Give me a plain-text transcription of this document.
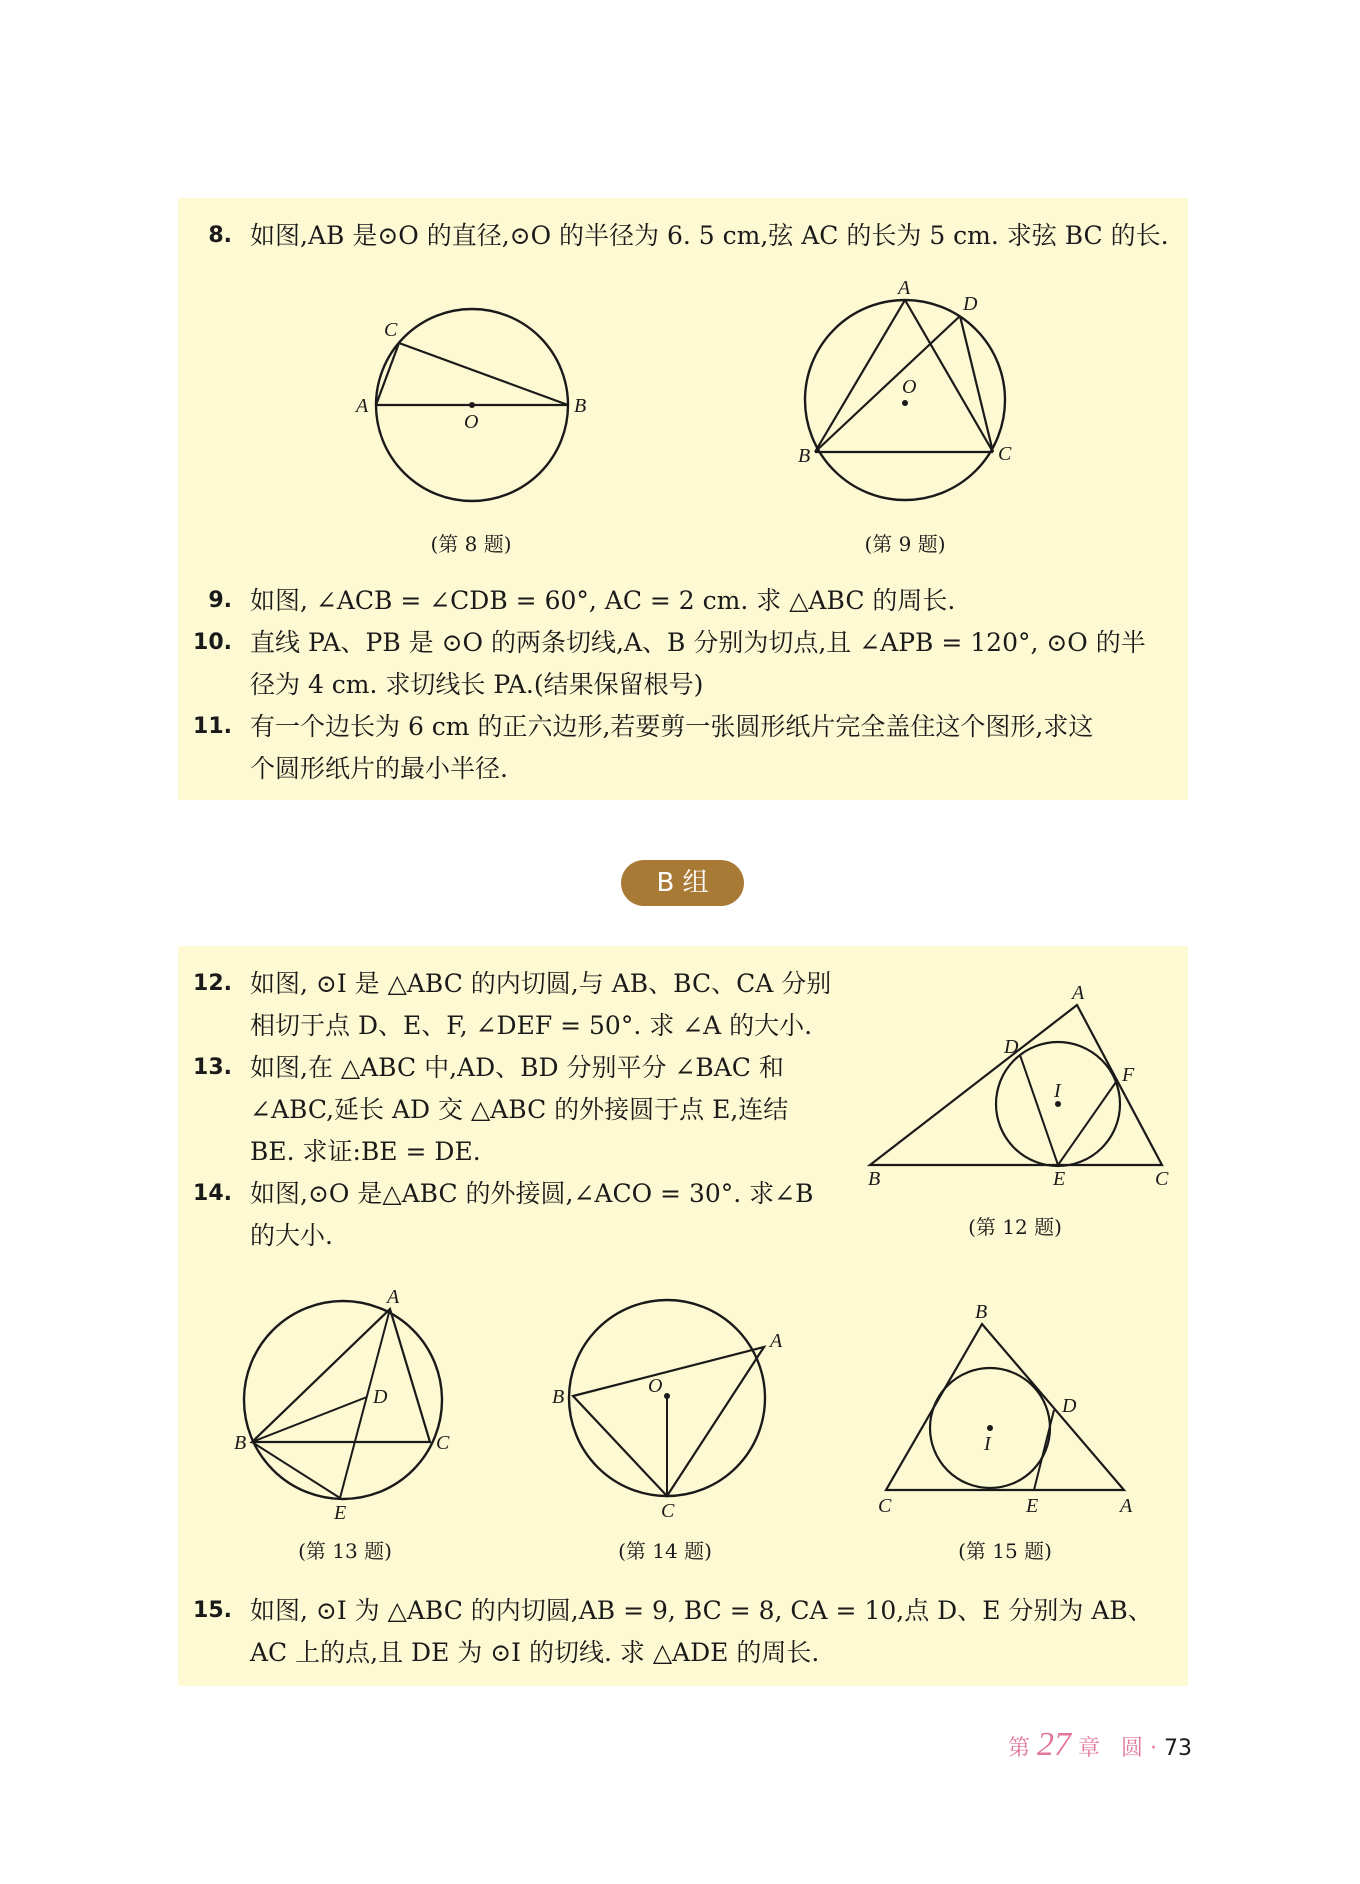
8. 如图,AB 是⊙O 的直径,⊙O 的半径为 6. 5 cm,弦 AC 的长为 5 cm. 求弦 BC 的长.
A	B
C
O
(第 8 题)
A
D
O
B	C
(第 9 题)
9. 如图, ∠ACB = ∠CDB = 60°, AC = 2 cm. 求 △ABC 的周长.
10. 直线 PA、PB 是 ⊙O 的两条切线,A、B 分别为切点,且 ∠APB = 120°, ⊙O 的半
径为 4 cm. 求切线长 PA.(结果保留根号)
11. 有一个边长为 6 cm 的正六边形,若要剪一张圆形纸片完全盖住这个图形,求这
个圆形纸片的最小半径.
B 组
12. 如图, ⊙I 是 △ABC 的内切圆,与 AB、BC、CA 分别
相切于点 D、E、F, ∠DEF = 50°. 求 ∠A 的大小.
13. 如图,在 △ABC 中,AD、BD 分别平分 ∠BAC 和
∠ABC,延长 AD 交 △ABC 的外接圆于点 E,连结
BE. 求证:BE = DE.
14. 如图,⊙O 是△ABC 的外接圆,∠ACO = 30°. 求∠B
的大小.
A
D
F
I
B	E	C
(第 12 题)
A
D
B	C
E
(第 13 题)
A
B	O
C
(第 14 题)
B
D
I
C	E	A
(第 15 题)
15. 如图, ⊙I 为 △ABC 的内切圆,AB = 9, BC = 8, CA = 10,点 D、E 分别为 AB、
AC 上的点,且 DE 为 ⊙I 的切线. 求 △ADE 的周长.
第 27 章 圆 · 73
